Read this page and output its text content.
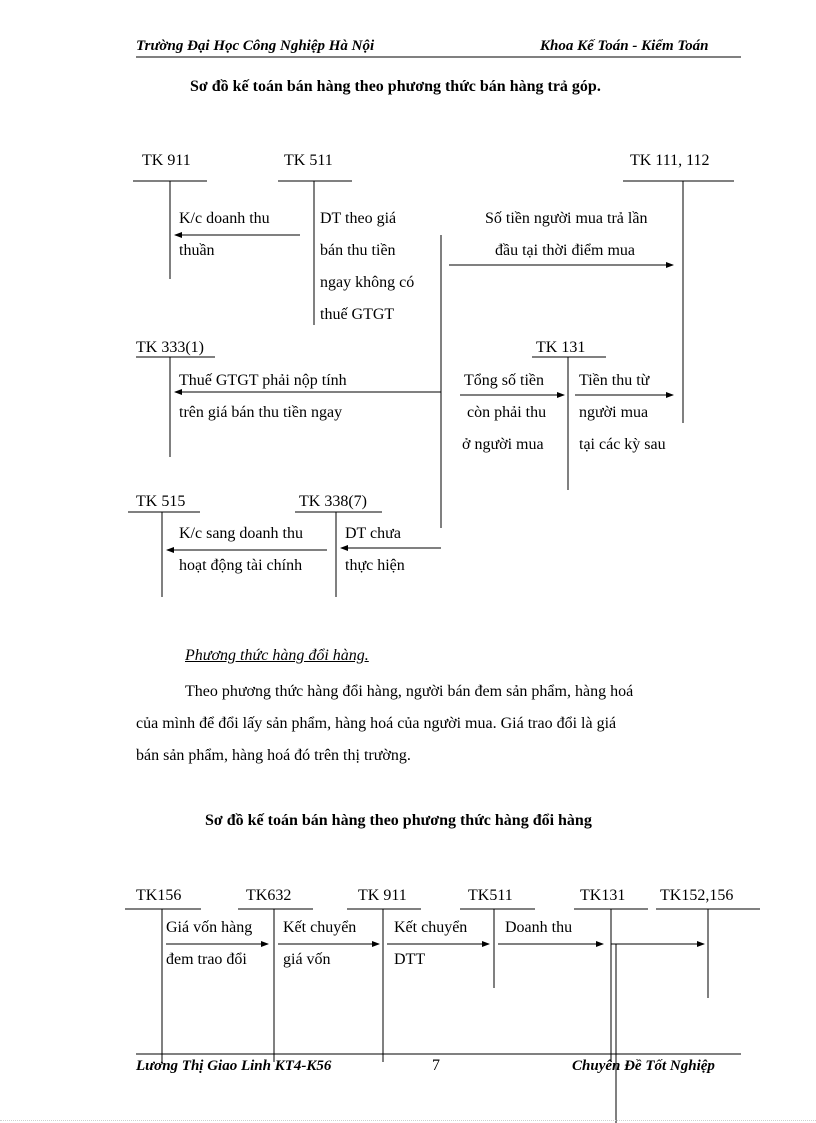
Trường Đại Học Công Nghiệp Hà Nội	Khoa Kế Toán - Kiểm Toán
Sơ đồ kế toán bán hàng theo phương thức bán hàng trả góp.
TK 911	TK 511	TK 111, 112
TK 333(1)	TK 131
TK 515	TK 338(7)
K/c doanh thu
thuần
DT theo giá
bán thu tiền
ngay không có
thuế GTGT
Số tiền người mua trả lần
đầu tại thời điểm mua
Thuế GTGT phải nộp tính
trên giá bán thu tiền ngay
Tổng số tiền
còn phải thu
ở người mua
Tiền thu từ
người mua
tại các kỳ sau
K/c sang doanh thu
hoạt động tài chính
DT chưa
thực hiện
Phương thức hàng đổi hàng.
Theo phương thức hàng đổi hàng, người bán đem sản phẩm, hàng hoá
của mình để đổi lấy sản phẩm, hàng hoá của người mua. Giá trao đổi là giá
bán sản phẩm, hàng hoá đó trên thị trường.
Sơ đồ kế toán bán hàng theo phương thức hàng đổi hàng
TK156	TK632	TK 911	TK511	TK131 TK152,156
Giá vốn hàng
đem trao đổi
Kết chuyển
giá vốn
Kết chuyển
DTT
Doanh thu
Lương Thị Giao Linh KT4-K56	7	Chuyên Đề Tốt Nghiệp
